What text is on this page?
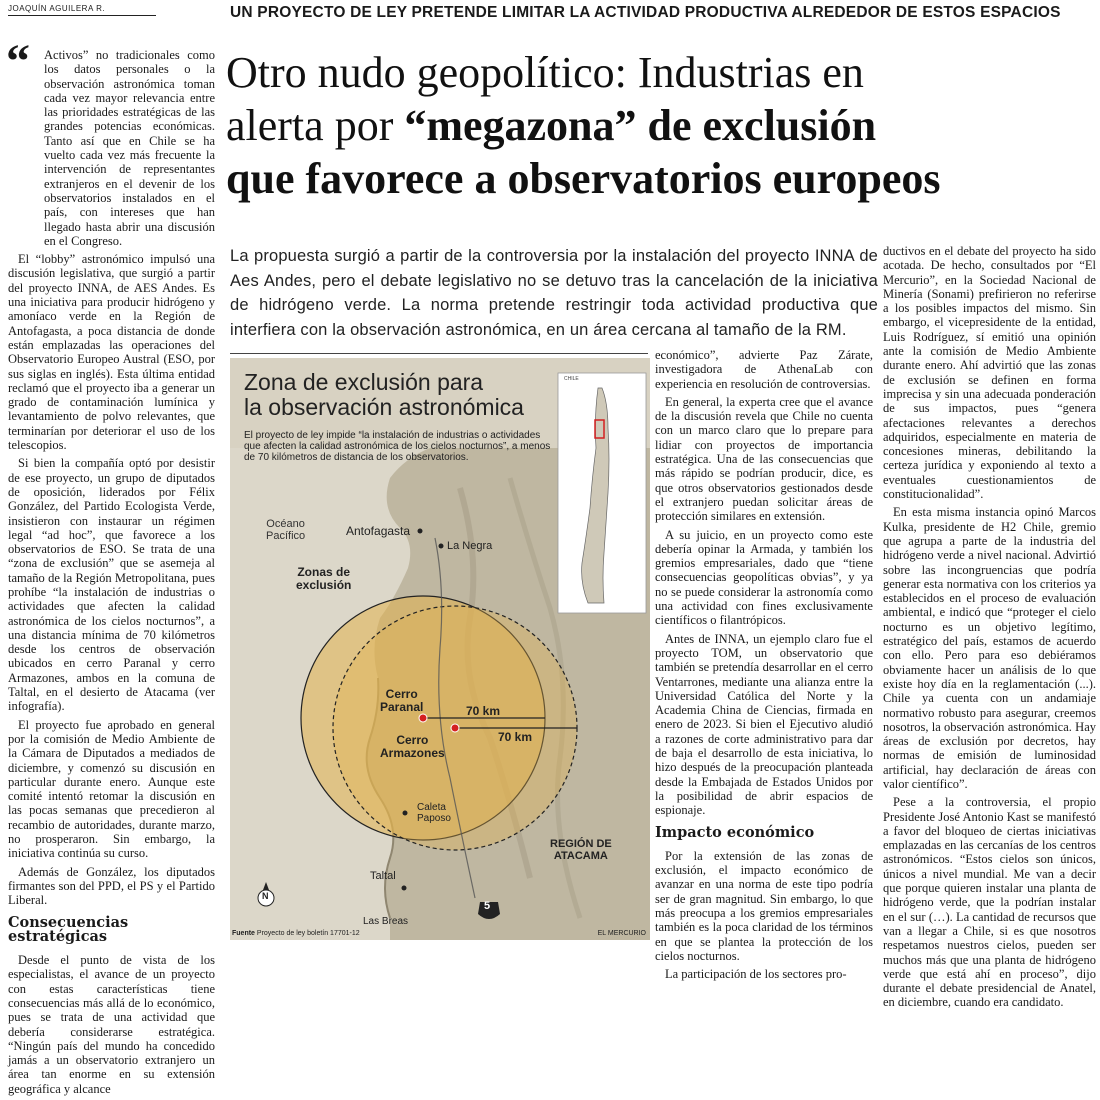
JOAQUÍN AGUILERA R.	UN PROYECTO DE LEY PRETENDE LIMITAR LA ACTIVIDAD PRODUCTIVA ALREDEDOR DE ESTOS ESPACIOS
Otro nudo geopolítico: Industrias en
alerta por “megazona” de exclusión
que favorece a observatorios europeos
“ Activos” no tradicionales como los datos personales o la observación astronómica toman cada vez mayor relevancia entre las prioridades estratégicas de las grandes potencias económicas. Tanto así que en Chile se ha vuelto cada vez más frecuente la intervención de representantes extranjeros en el devenir de los observatorios instalados en el país, con intereses que han llegado hasta abrir una discusión en el Congreso.

El “lobby” astronómico impulsó una discusión legislativa, que surgió a partir del proyecto INNA, de AES Andes. Es una iniciativa para producir hidrógeno y amoníaco verde en la Región de Antofagasta, a poca distancia de donde están emplazadas las operaciones del Observatorio Europeo Austral (ESO, por sus siglas en inglés). Esta última entidad reclamó que el proyecto iba a generar un grado de contaminación lumínica y levantamiento de polvo relevantes, que terminarían por deteriorar el uso de los telescopios.

Si bien la compañía optó por desistir de ese proyecto, un grupo de diputados de oposición, liderados por Félix González, del Partido Ecologista Verde, insistieron con instaurar un régimen legal “ad hoc”, que favorece a los observatorios de ESO. Se trata de una “zona de exclusión” que se asemeja al tamaño de la Región Metropolitana, pues prohíbe “la instalación de industrias o actividades que afecten la calidad astronómica de los cielos nocturnos”, a una distancia mínima de 70 kilómetros desde los centros de observación ubicados en cerro Paranal y cerro Armazones, ambos en la comuna de Taltal, en el desierto de Atacama (ver infografía).

El proyecto fue aprobado en general por la comisión de Medio Ambiente de la Cámara de Diputados a mediados de diciembre, y comenzó su discusión en particular durante enero. Aunque este comité intentó retomar la discusión en las pocas semanas que precedieron al recambio de autoridades, durante marzo, no prosperaron. Sin embargo, la iniciativa continúa su curso.

Además de González, los diputados firmantes son del PPD, el PS y el Partido Liberal.

Consecuencias estratégicas

Desde el punto de vista de los especialistas, el avance de un proyecto con estas características tiene consecuencias más allá de lo económico, pues se trata de una actividad que debería considerarse estratégica. “Ningún país del mundo ha concedido jamás a un observatorio extranjero un área tan enorme en su extensión geográfica y alcance

La propuesta surgió a partir de la controversia por la instalación del proyecto INNA de Aes Andes, pero el debate legislativo no se detuvo tras la cancelación de la iniciativa de hidrógeno verde. La norma pretende restringir toda actividad productiva que interfiera con la observación astronómica, en un área cercana al tamaño de la RM.
Zona de exclusión para
la observación astronómica
El proyecto de ley impide “la instalación de industrias o actividades que afecten la calidad astronómica de los cielos nocturnos”, a menos de 70 kilómetros de distancia de los observatorios.
Océano
Pacífico	Antofagasta
La Negra
Zonas de
exclusión
Cerro
Paranal
Cerro
Armazones
70 km
70 km
Caleta
Paposo
REGIÓN DE
ATACAMA
Taltal
Las Breas
5
N
CHILE
Fuente Proyecto de ley boletín 17701-12	EL MERCURIO

económico”, advierte Paz Zárate, investigadora de AthenaLab con experiencia en resolución de controversias.

En general, la experta cree que el avance de la discusión revela que Chile no cuenta con un marco claro que lo prepare para lidiar con proyectos de importancia estratégica. Una de las consecuencias que más rápido se podrían producir, dice, es que otros observatorios gestionados desde el extranjero puedan solicitar áreas de protección similares en extensión.

A su juicio, en un proyecto como este debería opinar la Armada, y también los gremios empresariales, dado que “tiene consecuencias geopolíticas obvias”, y ya no se puede considerar la astronomía como una actividad con fines exclusivamente científicos o filantrópicos.

Antes de INNA, un ejemplo claro fue el proyecto TOM, un observatorio que también se pretendía desarrollar en el cerro Ventarrones, mediante una alianza entre la Universidad Católica del Norte y la Academia China de Ciencias, firmada en enero de 2023. Si bien el Ejecutivo aludió a razones de corte administrativo para dar de baja el desarrollo de esta iniciativa, lo hizo después de la preocupación planteada desde la Embajada de Estados Unidos por la posibilidad de abrir espacios de espionaje.

Impacto económico

Por la extensión de las zonas de exclusión, el impacto económico de avanzar en una norma de este tipo podría ser de gran magnitud. Sin embargo, lo que más preocupa a los gremios empresariales también es la poca claridad de los términos en que se plantea la protección de los cielos nocturnos.

La participación de los sectores pro-

ductivos en el debate del proyecto ha sido acotada. De hecho, consultados por “El Mercurio”, en la Sociedad Nacional de Minería (Sonami) prefirieron no referirse a los posibles impactos del mismo. Sin embargo, el vicepresidente de la entidad, Luis Rodríguez, sí emitió una opinión ante la comisión de Medio Ambiente durante enero. Ahí advirtió que las zonas de exclusión se definen en forma imprecisa y sin una adecuada ponderación de sus impactos, pues “genera afectaciones relevantes a derechos adquiridos, especialmente en materia de concesiones mineras, debilitando la certeza jurídica y exponiendo al texto a eventuales cuestionamientos de constitucionalidad”.

En esta misma instancia opinó Marcos Kulka, presidente de H2 Chile, gremio que agrupa a parte de la industria del hidrógeno verde a nivel nacional. Advirtió sobre las incongruencias que podría generar esta normativa con los criterios ya establecidos en el proceso de evaluación ambiental, e indicó que “proteger el cielo nocturno es un objetivo legítimo, estratégico del país, estamos de acuerdo con ello. Pero para eso debiéramos obviamente hacer un análisis de lo que existe hoy día en la reglamentación (...). Chile ya cuenta con un andamiaje normativo robusto para asegurar, creemos nosotros, la observación astronómica. Hay áreas de exclusión por decretos, hay normas de emisión de luminosidad artificial, hay declaración de áreas con valor científico”.

Pese a la controversia, el propio Presidente José Antonio Kast se manifestó a favor del bloqueo de ciertas iniciativas emplazadas en las cercanías de los centros astronómicos. “Estos cielos son únicos, únicos a nivel mundial. Me van a decir que porque quieren instalar una planta de hidrógeno verde, que la podrían instalar en el sur (…). La cantidad de recursos que van a llegar a Chile, si es que nosotros respetamos nuestros cielos, pueden ser muchos más que una planta de hidrógeno verde que está ahí en proceso”, dijo durante el debate presidencial de Anatel, en diciembre, cuando era candidato.
